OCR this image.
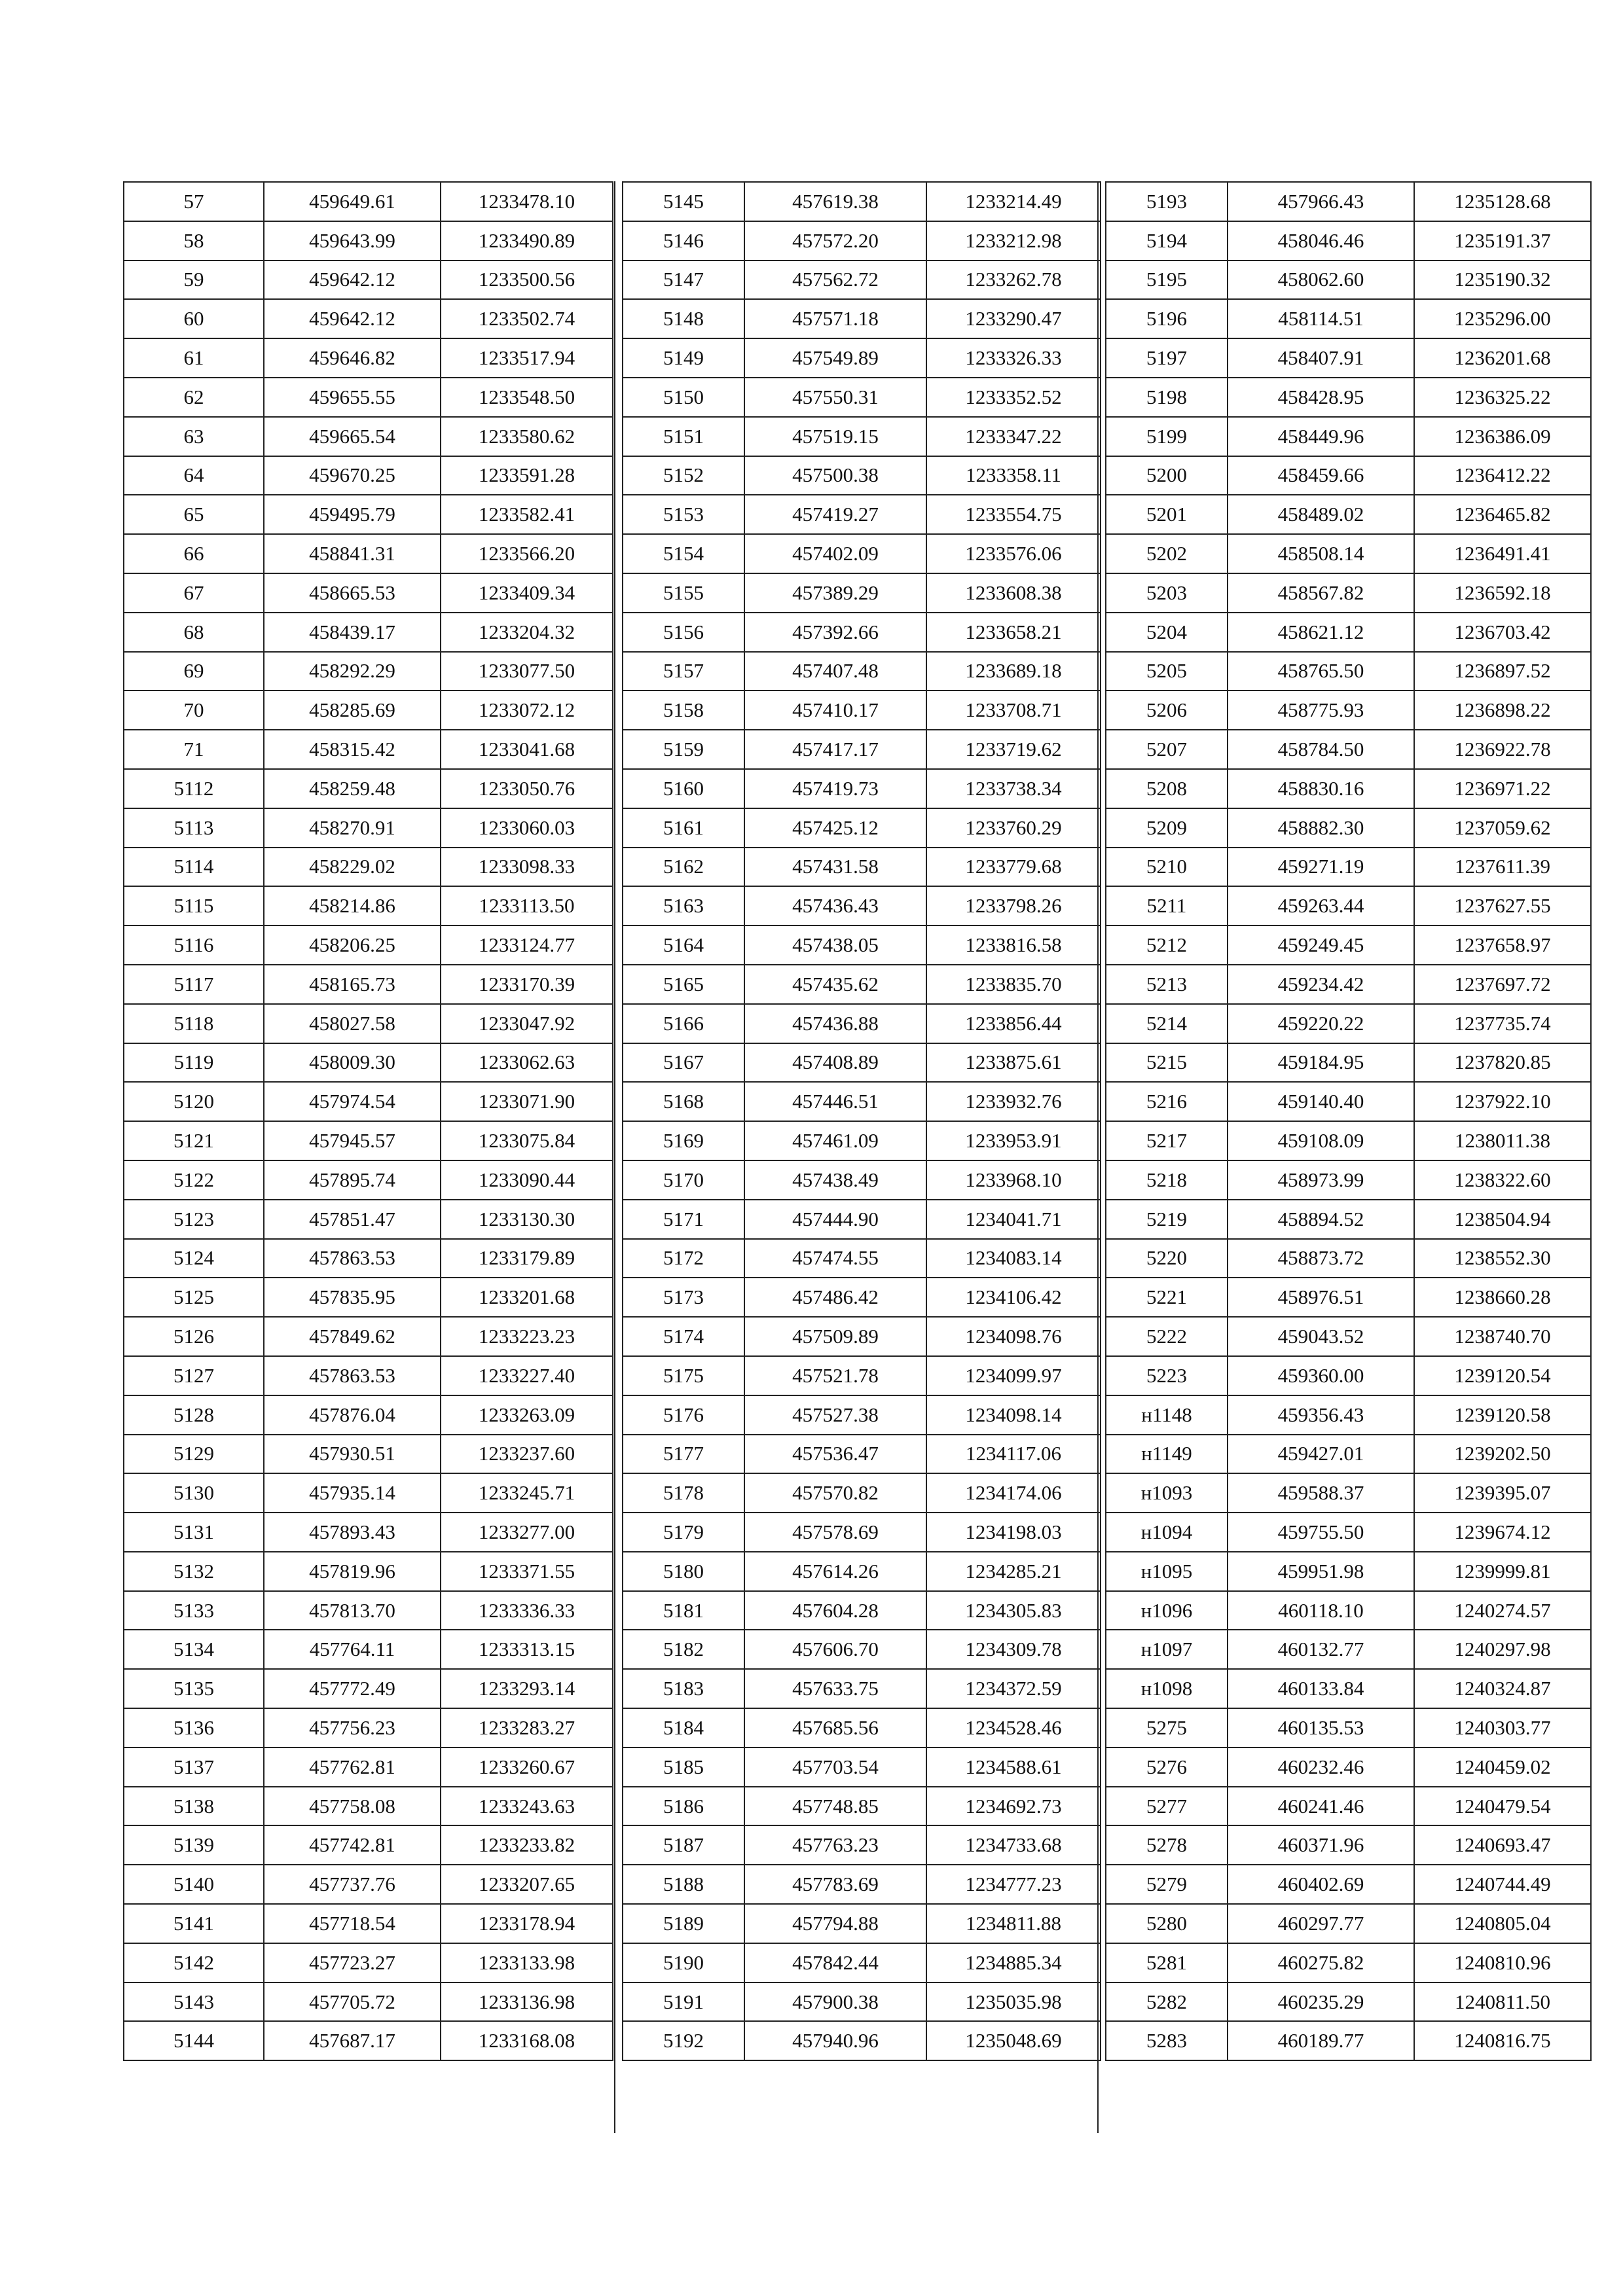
57	459649.61	1233478.10
58	459643.99	1233490.89
59	459642.12	1233500.56
60	459642.12	1233502.74
61	459646.82	1233517.94
62	459655.55	1233548.50
63	459665.54	1233580.62
64	459670.25	1233591.28
65	459495.79	1233582.41
66	458841.31	1233566.20
67	458665.53	1233409.34
68	458439.17	1233204.32
69	458292.29	1233077.50
70	458285.69	1233072.12
71	458315.42	1233041.68
5112	458259.48	1233050.76
5113	458270.91	1233060.03
5114	458229.02	1233098.33
5115	458214.86	1233113.50
5116	458206.25	1233124.77
5117	458165.73	1233170.39
5118	458027.58	1233047.92
5119	458009.30	1233062.63
5120	457974.54	1233071.90
5121	457945.57	1233075.84
5122	457895.74	1233090.44
5123	457851.47	1233130.30
5124	457863.53	1233179.89
5125	457835.95	1233201.68
5126	457849.62	1233223.23
5127	457863.53	1233227.40
5128	457876.04	1233263.09
5129	457930.51	1233237.60
5130	457935.14	1233245.71
5131	457893.43	1233277.00
5132	457819.96	1233371.55
5133	457813.70	1233336.33
5134	457764.11	1233313.15
5135	457772.49	1233293.14
5136	457756.23	1233283.27
5137	457762.81	1233260.67
5138	457758.08	1233243.63
5139	457742.81	1233233.82
5140	457737.76	1233207.65
5141	457718.54	1233178.94
5142	457723.27	1233133.98
5143	457705.72	1233136.98
5144	457687.17	1233168.08
5145	457619.38	1233214.49
5146	457572.20	1233212.98
5147	457562.72	1233262.78
5148	457571.18	1233290.47
5149	457549.89	1233326.33
5150	457550.31	1233352.52
5151	457519.15	1233347.22
5152	457500.38	1233358.11
5153	457419.27	1233554.75
5154	457402.09	1233576.06
5155	457389.29	1233608.38
5156	457392.66	1233658.21
5157	457407.48	1233689.18
5158	457410.17	1233708.71
5159	457417.17	1233719.62
5160	457419.73	1233738.34
5161	457425.12	1233760.29
5162	457431.58	1233779.68
5163	457436.43	1233798.26
5164	457438.05	1233816.58
5165	457435.62	1233835.70
5166	457436.88	1233856.44
5167	457408.89	1233875.61
5168	457446.51	1233932.76
5169	457461.09	1233953.91
5170	457438.49	1233968.10
5171	457444.90	1234041.71
5172	457474.55	1234083.14
5173	457486.42	1234106.42
5174	457509.89	1234098.76
5175	457521.78	1234099.97
5176	457527.38	1234098.14
5177	457536.47	1234117.06
5178	457570.82	1234174.06
5179	457578.69	1234198.03
5180	457614.26	1234285.21
5181	457604.28	1234305.83
5182	457606.70	1234309.78
5183	457633.75	1234372.59
5184	457685.56	1234528.46
5185	457703.54	1234588.61
5186	457748.85	1234692.73
5187	457763.23	1234733.68
5188	457783.69	1234777.23
5189	457794.88	1234811.88
5190	457842.44	1234885.34
5191	457900.38	1235035.98
5192	457940.96	1235048.69
5193	457966.43	1235128.68
5194	458046.46	1235191.37
5195	458062.60	1235190.32
5196	458114.51	1235296.00
5197	458407.91	1236201.68
5198	458428.95	1236325.22
5199	458449.96	1236386.09
5200	458459.66	1236412.22
5201	458489.02	1236465.82
5202	458508.14	1236491.41
5203	458567.82	1236592.18
5204	458621.12	1236703.42
5205	458765.50	1236897.52
5206	458775.93	1236898.22
5207	458784.50	1236922.78
5208	458830.16	1236971.22
5209	458882.30	1237059.62
5210	459271.19	1237611.39
5211	459263.44	1237627.55
5212	459249.45	1237658.97
5213	459234.42	1237697.72
5214	459220.22	1237735.74
5215	459184.95	1237820.85
5216	459140.40	1237922.10
5217	459108.09	1238011.38
5218	458973.99	1238322.60
5219	458894.52	1238504.94
5220	458873.72	1238552.30
5221	458976.51	1238660.28
5222	459043.52	1238740.70
5223	459360.00	1239120.54
н1148	459356.43	1239120.58
н1149	459427.01	1239202.50
н1093	459588.37	1239395.07
н1094	459755.50	1239674.12
н1095	459951.98	1239999.81
н1096	460118.10	1240274.57
н1097	460132.77	1240297.98
н1098	460133.84	1240324.87
5275	460135.53	1240303.77
5276	460232.46	1240459.02
5277	460241.46	1240479.54
5278	460371.96	1240693.47
5279	460402.69	1240744.49
5280	460297.77	1240805.04
5281	460275.82	1240810.96
5282	460235.29	1240811.50
5283	460189.77	1240816.75
